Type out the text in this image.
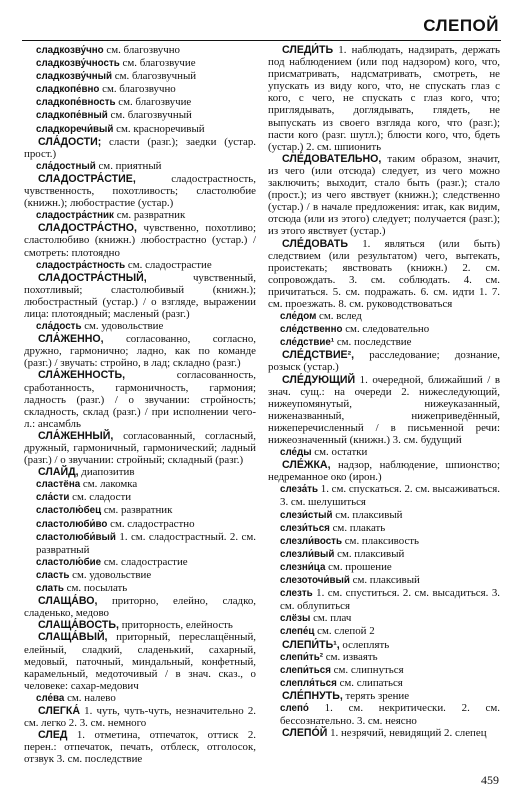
СЛЕПОЙ

сладкозву́чно см. благозвучно

сладкозву́чность см. благозвучие

сладкозву́чный см. благозвучный

сладкопе́вно см. благозвучно

сладкопе́вность см. благозвучие

сладкопе́вный см. благозвучный

сладкоречи́вый см. красноречивый

СЛА́ДОСТИ; сласти (разг.); заедки (устар. прост.)

сла́достный см. приятный

СЛАДОСТРА́СТИЕ, сладострастность, чувственность, похотливость; сластолюбие (книжн.); любострастие (устар.)

сладостра́стник см. развратник

СЛАДОСТРА́СТНО, чувственно, похотливо; сластолюбиво (книжн.) любострастно (устар.) / смотреть: плотоядно

сладостра́стность см. сладострастие

СЛАДОСТРА́СТНЫЙ, чувственный, похотливый; сластолюбивый (книжн.); любострастный (устар.) / о взгляде, выражении лица: плотоядный; масленый (разг.)

сла́дость см. удовольствие

СЛА́ЖЕННО, согласованно, согласно, дружно, гармонично; ладно, как по команде (разг.) / звучать: стройно, в лад; складно (разг.)

СЛА́ЖЕННОСТЬ, согласованность, сработанность, гармоничность, гармония; ладность (разг.) / о звучании: стройность; складность, склад (разг.) / при исполнении чего-л.: ансамбль

СЛА́ЖЕННЫЙ, согласованный, согласный, дружный, гармоничный, гармонический; ладный (разг.) / о звучании: стройный; складный (разг.)

СЛАЙД, диапозитив

сластёна см. лакомка

сла́сти см. сладости

сластолю́бец см. развратник

сластолюби́во см. сладострастно

сластолюби́вый 1. см. сладострастный. 2. см. развратный

сластолю́бие см. сладострастие

сласть см. удовольствие

слать см. посылать

СЛАЩА́ВО, приторно, елейно, сладко, сладенько, медово

СЛАЩА́ВОСТЬ, приторность, елейность

СЛАЩА́ВЫЙ, приторный, переслащённый, елейный, сладкий, сладенький, сахарный, медовый, паточный, миндальный, конфетный, карамельный, медоточивый / в знач. сказ., о человеке: сахар-медович

сле́ва см. налево

СЛЕГКА́ 1. чуть, чуть-чуть, незначительно 2. см. легко 2. 3. см. немного

СЛЕД 1. отметина, отпечаток, оттиск 2. перен.: отпечаток, печать, отблеск, отголосок, отзвук 3. см. последствие

СЛЕДИ́ТЬ 1. наблюдать, надзирать, держать под наблюдением (или под надзором) кого, что, присматривать, надсматривать, смотреть, не упускать из виду кого, что, не спускать глаз с кого, с чего, не спускать с глаз кого, что; приглядывать, доглядывать, глядеть, не выпускать из своего взгляда кого, что (разг.); пасти кого (разг. шутл.); блюсти кого, что, бдеть (устар.) 2. см. шпионить

СЛЕ́ДОВАТЕЛЬНО, таким образом, значит, из чего (или отсюда) следует, из чего можно заключить; выходит, стало быть (разг.); стало (прост.); из чего явствует (книжн.); следственно (устар.) / в начале предложения: итак, как видим, отсюда (или из этого) следует; получается (разг.); из этого явствует (устар.)

СЛЕ́ДОВАТЬ 1. являться (или быть) следствием (или результатом) чего, вытекать, проистекать; явствовать (книжн.) 2. см. сопровождать. 3. см. соблюдать. 4. см. причитаться. 5. см. подражать. 6. см. идти 1. 7. см. проезжать. 8. см. руководствоваться

сле́дом см. вслед

сле́дственно см. следовательно

сле́дствие¹ см. последствие

СЛЕ́ДСТВИЕ², расследование; дознание, розыск (устар.)

СЛЕ́ДУЮЩИЙ 1. очередной, ближайший / в знач. сущ.: на очереди 2. нижеследующий, нижеупомянутый, нижеуказанный, ниженазванный, нижеприведённый, нижеперечисленный / в письменной речи: нижеозначенный (книжн.) 3. см. будущий

сле́ды см. остатки

СЛЕ́ЖКА, надзор, наблюдение, шпионство; недреманное око (ирон.)

слеза́ть 1. см. спускаться. 2. см. высаживаться. 3. см. шелушиться

слези́стый см. плаксивый

слези́ться см. плакать

слезли́вость см. плаксивость

слезли́вый см. плаксивый

слезни́ца см. прошение

слезоточи́вый см. плаксивый

слезть 1. см. спуститься. 2. см. высадиться. 3. см. облупиться

слёзы см. плач

слепе́ц см. слепой 2

СЛЕПИ́ТЬ¹, ослеплять

слепи́ть² см. изваять

слепи́ться см. слипнуться

слепля́ться см. слипаться

СЛЕ́ПНУТЬ, терять зрение

слепо́ 1. см. некритически. 2. см. бессознательно. 3. см. неясно

СЛЕПО́Й 1. незрячий, невидящий 2. слепец

459
